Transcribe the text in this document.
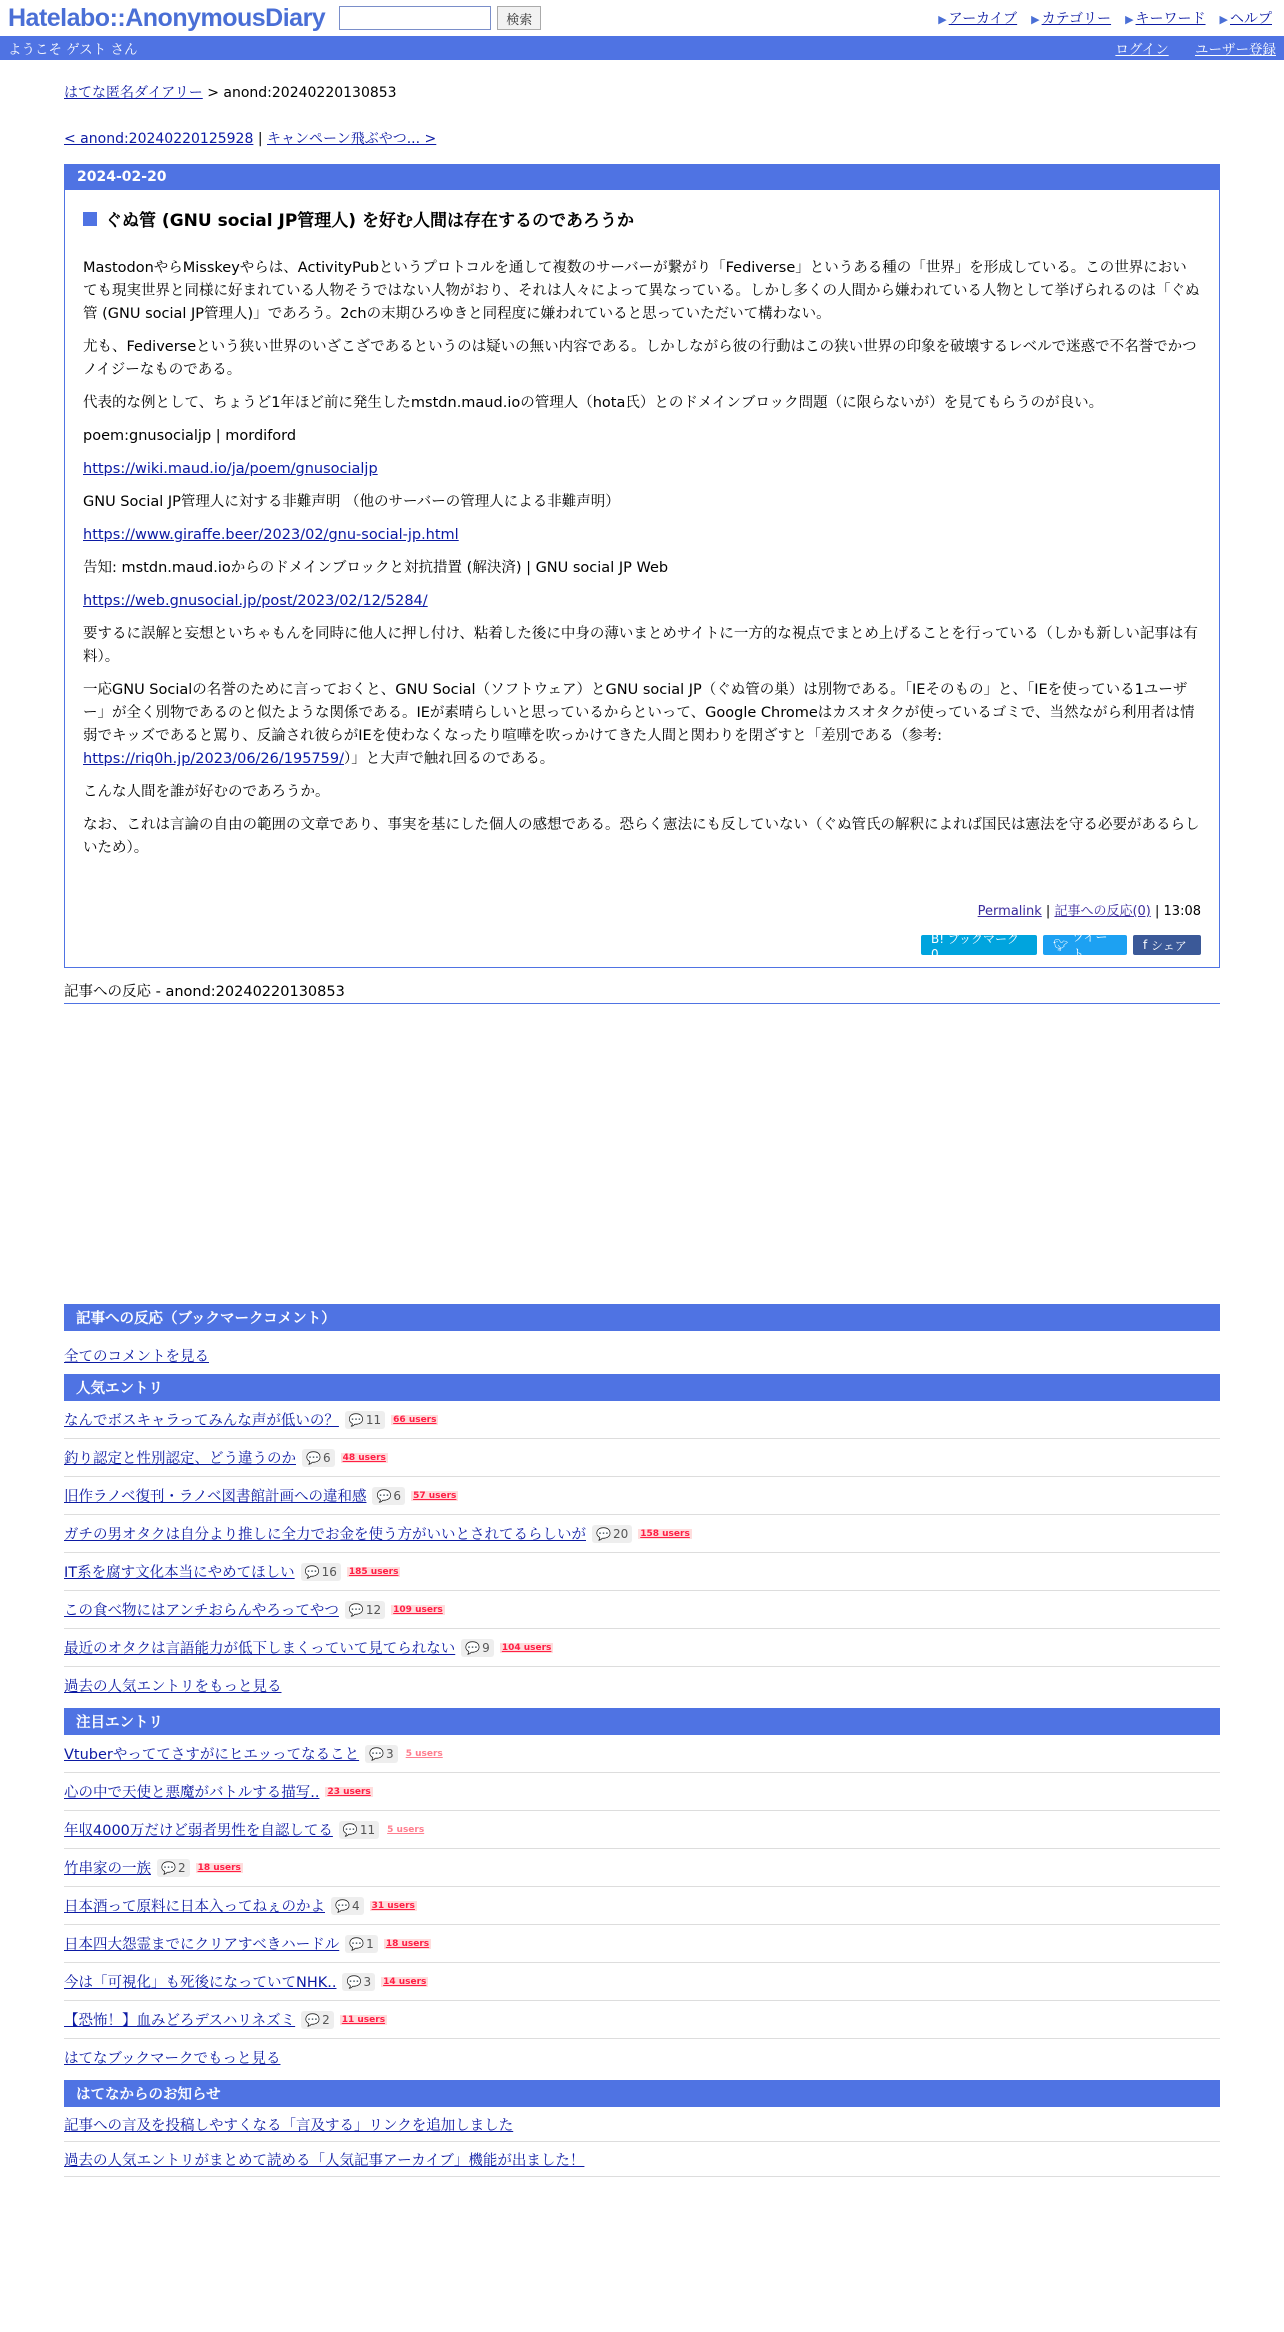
Hatelabo::AnonymousDiary	検索	▶ アーカイブ ▶ カテゴリー ▶ キーワード ▶ ヘルプ
ようこそ ゲスト さん	ログイン ユーザー登録
はてな匿名ダイアリー > anond:20240220130853
< anond:20240220125928 | キャンペーン飛ぶやつ... >
2024-02-20
ぐぬ管 (GNU social JP管理人) を好む人間は存在するのであろうか

MastodonやらMisskeyやらは、ActivityPubというプロトコルを通して複数のサーバーが繋がり「Fediverse」というある種の「世界」を形成している。この世界においても現実世界と同様に好まれている人物そうではない人物がおり、それは人々によって異なっている。しかし多くの人間から嫌われている人物として挙げられるのは「ぐぬ管 (GNU social JP管理人)」であろう。2chの末期ひろゆきと同程度に嫌われていると思っていただいて構わない。

尤も、Fediverseという狭い世界のいざこざであるというのは疑いの無い内容である。しかしながら彼の行動はこの狭い世界の印象を破壊するレベルで迷惑で不名誉でかつノイジーなものである。

代表的な例として、ちょうど1年ほど前に発生したmstdn.maud.ioの管理人（hota氏）とのドメインブロック問題（に限らないが）を見てもらうのが良い。

poem:gnusocialjp | mordiford

https://wiki.maud.io/ja/poem/gnusocialjp

GNU Social JP管理人に対する非難声明 （他のサーバーの管理人による非難声明）

https://www.giraffe.beer/2023/02/gnu-social-jp.html

告知: mstdn.maud.ioからのドメインブロックと対抗措置 (解決済) | GNU social JP Web

https://web.gnusocial.jp/post/2023/02/12/5284/

要するに誤解と妄想といちゃもんを同時に他人に押し付け、粘着した後に中身の薄いまとめサイトに一方的な視点でまとめ上げることを行っている（しかも新しい記事は有料）。

一応GNU Socialの名誉のために言っておくと、GNU Social（ソフトウェア）とGNU social JP（ぐぬ管の巣）は別物である。「IEそのもの」と、「IEを使っている1ユーザー」が全く別物であるのと似たような関係である。IEが素晴らしいと思っているからといって、Google Chromeはカスオタクが使っているゴミで、当然ながら利用者は情弱でキッズであると罵り、反論され彼らがIEを使わなくなったり喧嘩を吹っかけてきた人間と関わりを閉ざすと「差別である（参考: https://riq0h.jp/2023/06/26/195759/）」と大声で触れ回るのである。

こんな人間を誰が好むのであろうか。

なお、これは言論の自由の範囲の文章であり、事実を基にした個人の感想である。恐らく憲法にも反していない（ぐぬ管氏の解釈によれば国民は憲法を守る必要があるらしいため）。

Permalink | 記事への反応(0) | 13:08
B! ブックマーク 0
🐦︎
ツイート
f シェア
記事への反応 - anond:20240220130853
記事への反応（ブックマークコメント）
全てのコメントを見る
人気エントリ
なんでボスキャラってみんな声が低いの？ 💬 11 66 users
釣り認定と性別認定、どう違うのか 💬 6 48 users
旧作ラノベ復刊・ラノベ図書館計画への違和感 💬 6 57 users
ガチの男オタクは自分より推しに全力でお金を使う方がいいとされてるらしいが 💬 20 158 users
IT系を腐す文化本当にやめてほしい 💬 16 185 users
この食べ物にはアンチおらんやろってやつ 💬 12 109 users
最近のオタクは言語能力が低下しまくっていて見てられない 💬 9 104 users
過去の人気エントリをもっと見る
注目エントリ
Vtuberやっててさすがにヒエッってなること 💬 3 5 users
心の中で天使と悪魔がバトルする描写.. 23 users
年収4000万だけど弱者男性を自認してる 💬 11 5 users
竹串家の一族 💬 2 18 users
日本酒って原料に日本入ってねぇのかよ 💬 4 31 users
日本四大怨霊までにクリアすべきハードル 💬 1 18 users
今は「可視化」も死後になっていてNHK.. 💬 3 14 users
【恐怖！】血みどろデスハリネズミ 💬 2 11 users
はてなブックマークでもっと見る
はてなからのお知らせ
記事への言及を投稿しやすくなる「言及する」リンクを追加しました
過去の人気エントリがまとめて読める「人気記事アーカイブ」機能が出ました！
